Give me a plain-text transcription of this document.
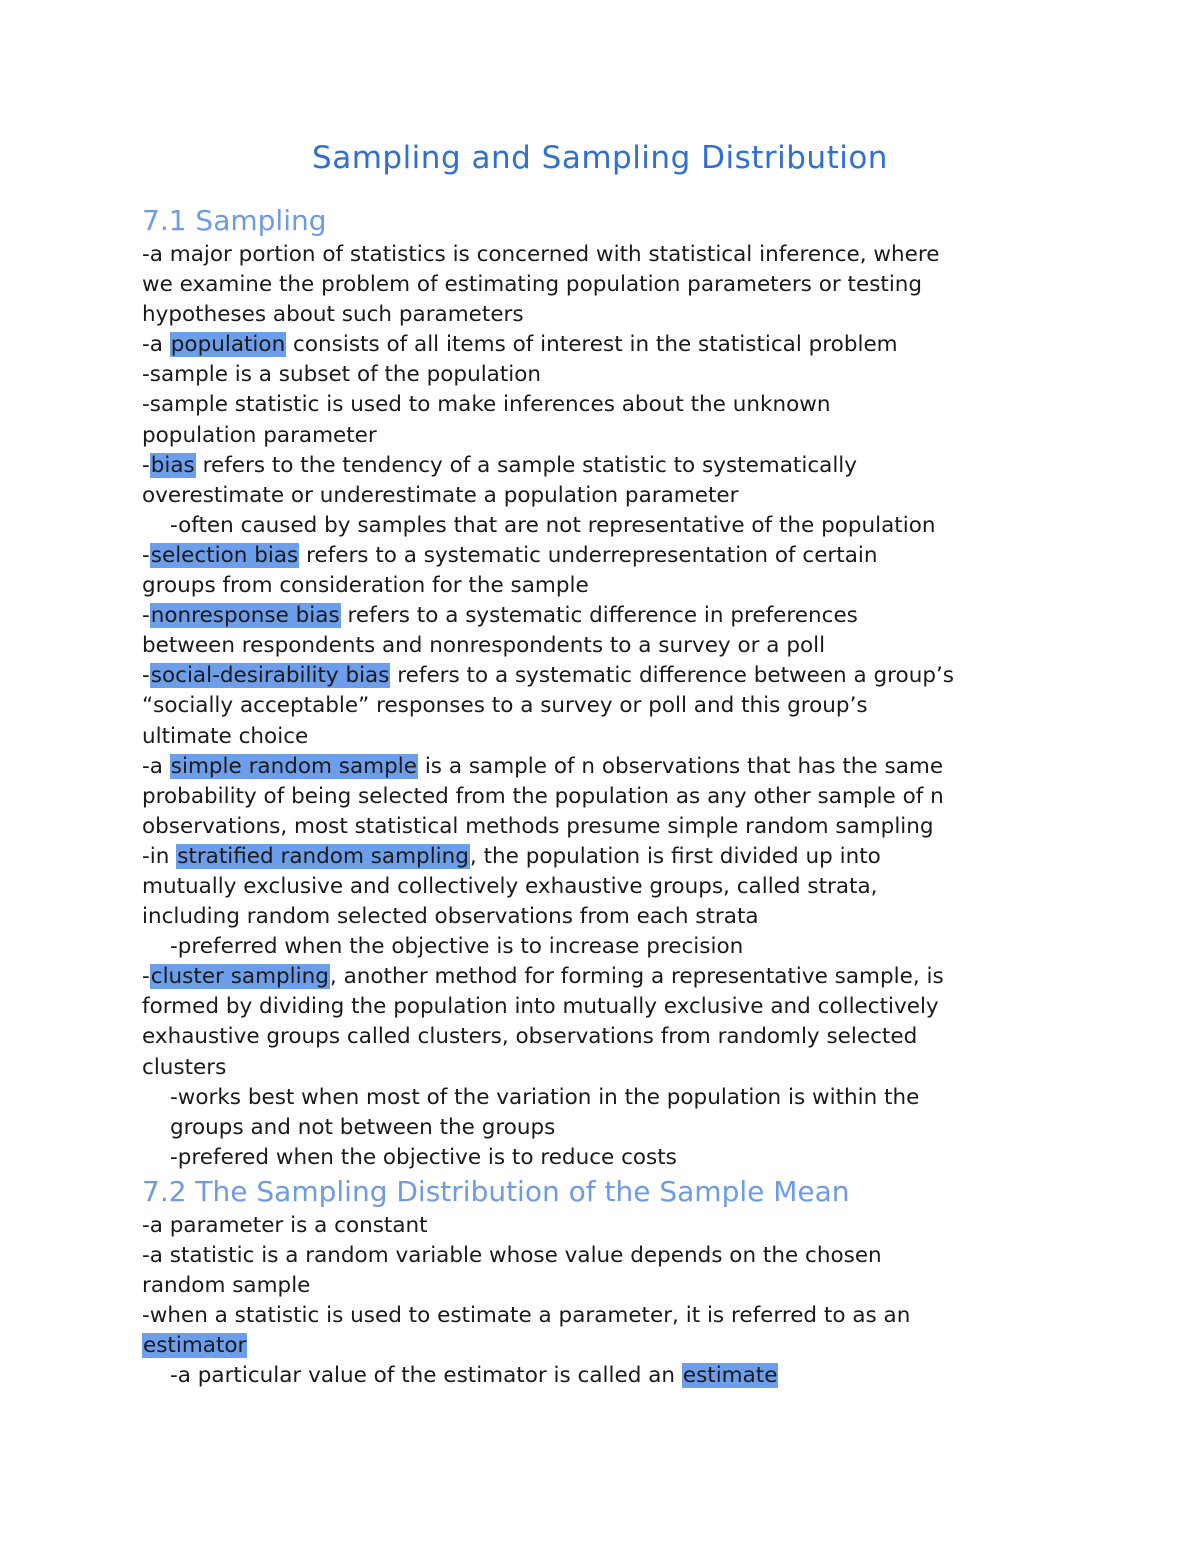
Sampling and Sampling Distribution
7.1 Sampling
-a major portion of statistics is concerned with statistical inference, where
we examine the problem of estimating population parameters or testing
hypotheses about such parameters
-a population consists of all items of interest in the statistical problem
-sample is a subset of the population
-sample statistic is used to make inferences about the unknown
population parameter
-bias refers to the tendency of a sample statistic to systematically
overestimate or underestimate a population parameter
-often caused by samples that are not representative of the population
-selection bias refers to a systematic underrepresentation of certain
groups from consideration for the sample
-nonresponse bias refers to a systematic difference in preferences
between respondents and nonrespondents to a survey or a poll
-social-desirability bias refers to a systematic difference between a group’s
“socially acceptable” responses to a survey or poll and this group’s
ultimate choice
-a simple random sample is a sample of n observations that has the same
probability of being selected from the population as any other sample of n
observations, most statistical methods presume simple random sampling
-in stratified random sampling, the population is first divided up into
mutually exclusive and collectively exhaustive groups, called strata,
including random selected observations from each strata
-preferred when the objective is to increase precision
-cluster sampling, another method for forming a representative sample, is
formed by dividing the population into mutually exclusive and collectively
exhaustive groups called clusters, observations from randomly selected
clusters
-works best when most of the variation in the population is within the
groups and not between the groups
-prefered when the objective is to reduce costs
7.2 The Sampling Distribution of the Sample Mean
-a parameter is a constant
-a statistic is a random variable whose value depends on the chosen
random sample
-when a statistic is used to estimate a parameter, it is referred to as an
estimator
-a particular value of the estimator is called an estimate
